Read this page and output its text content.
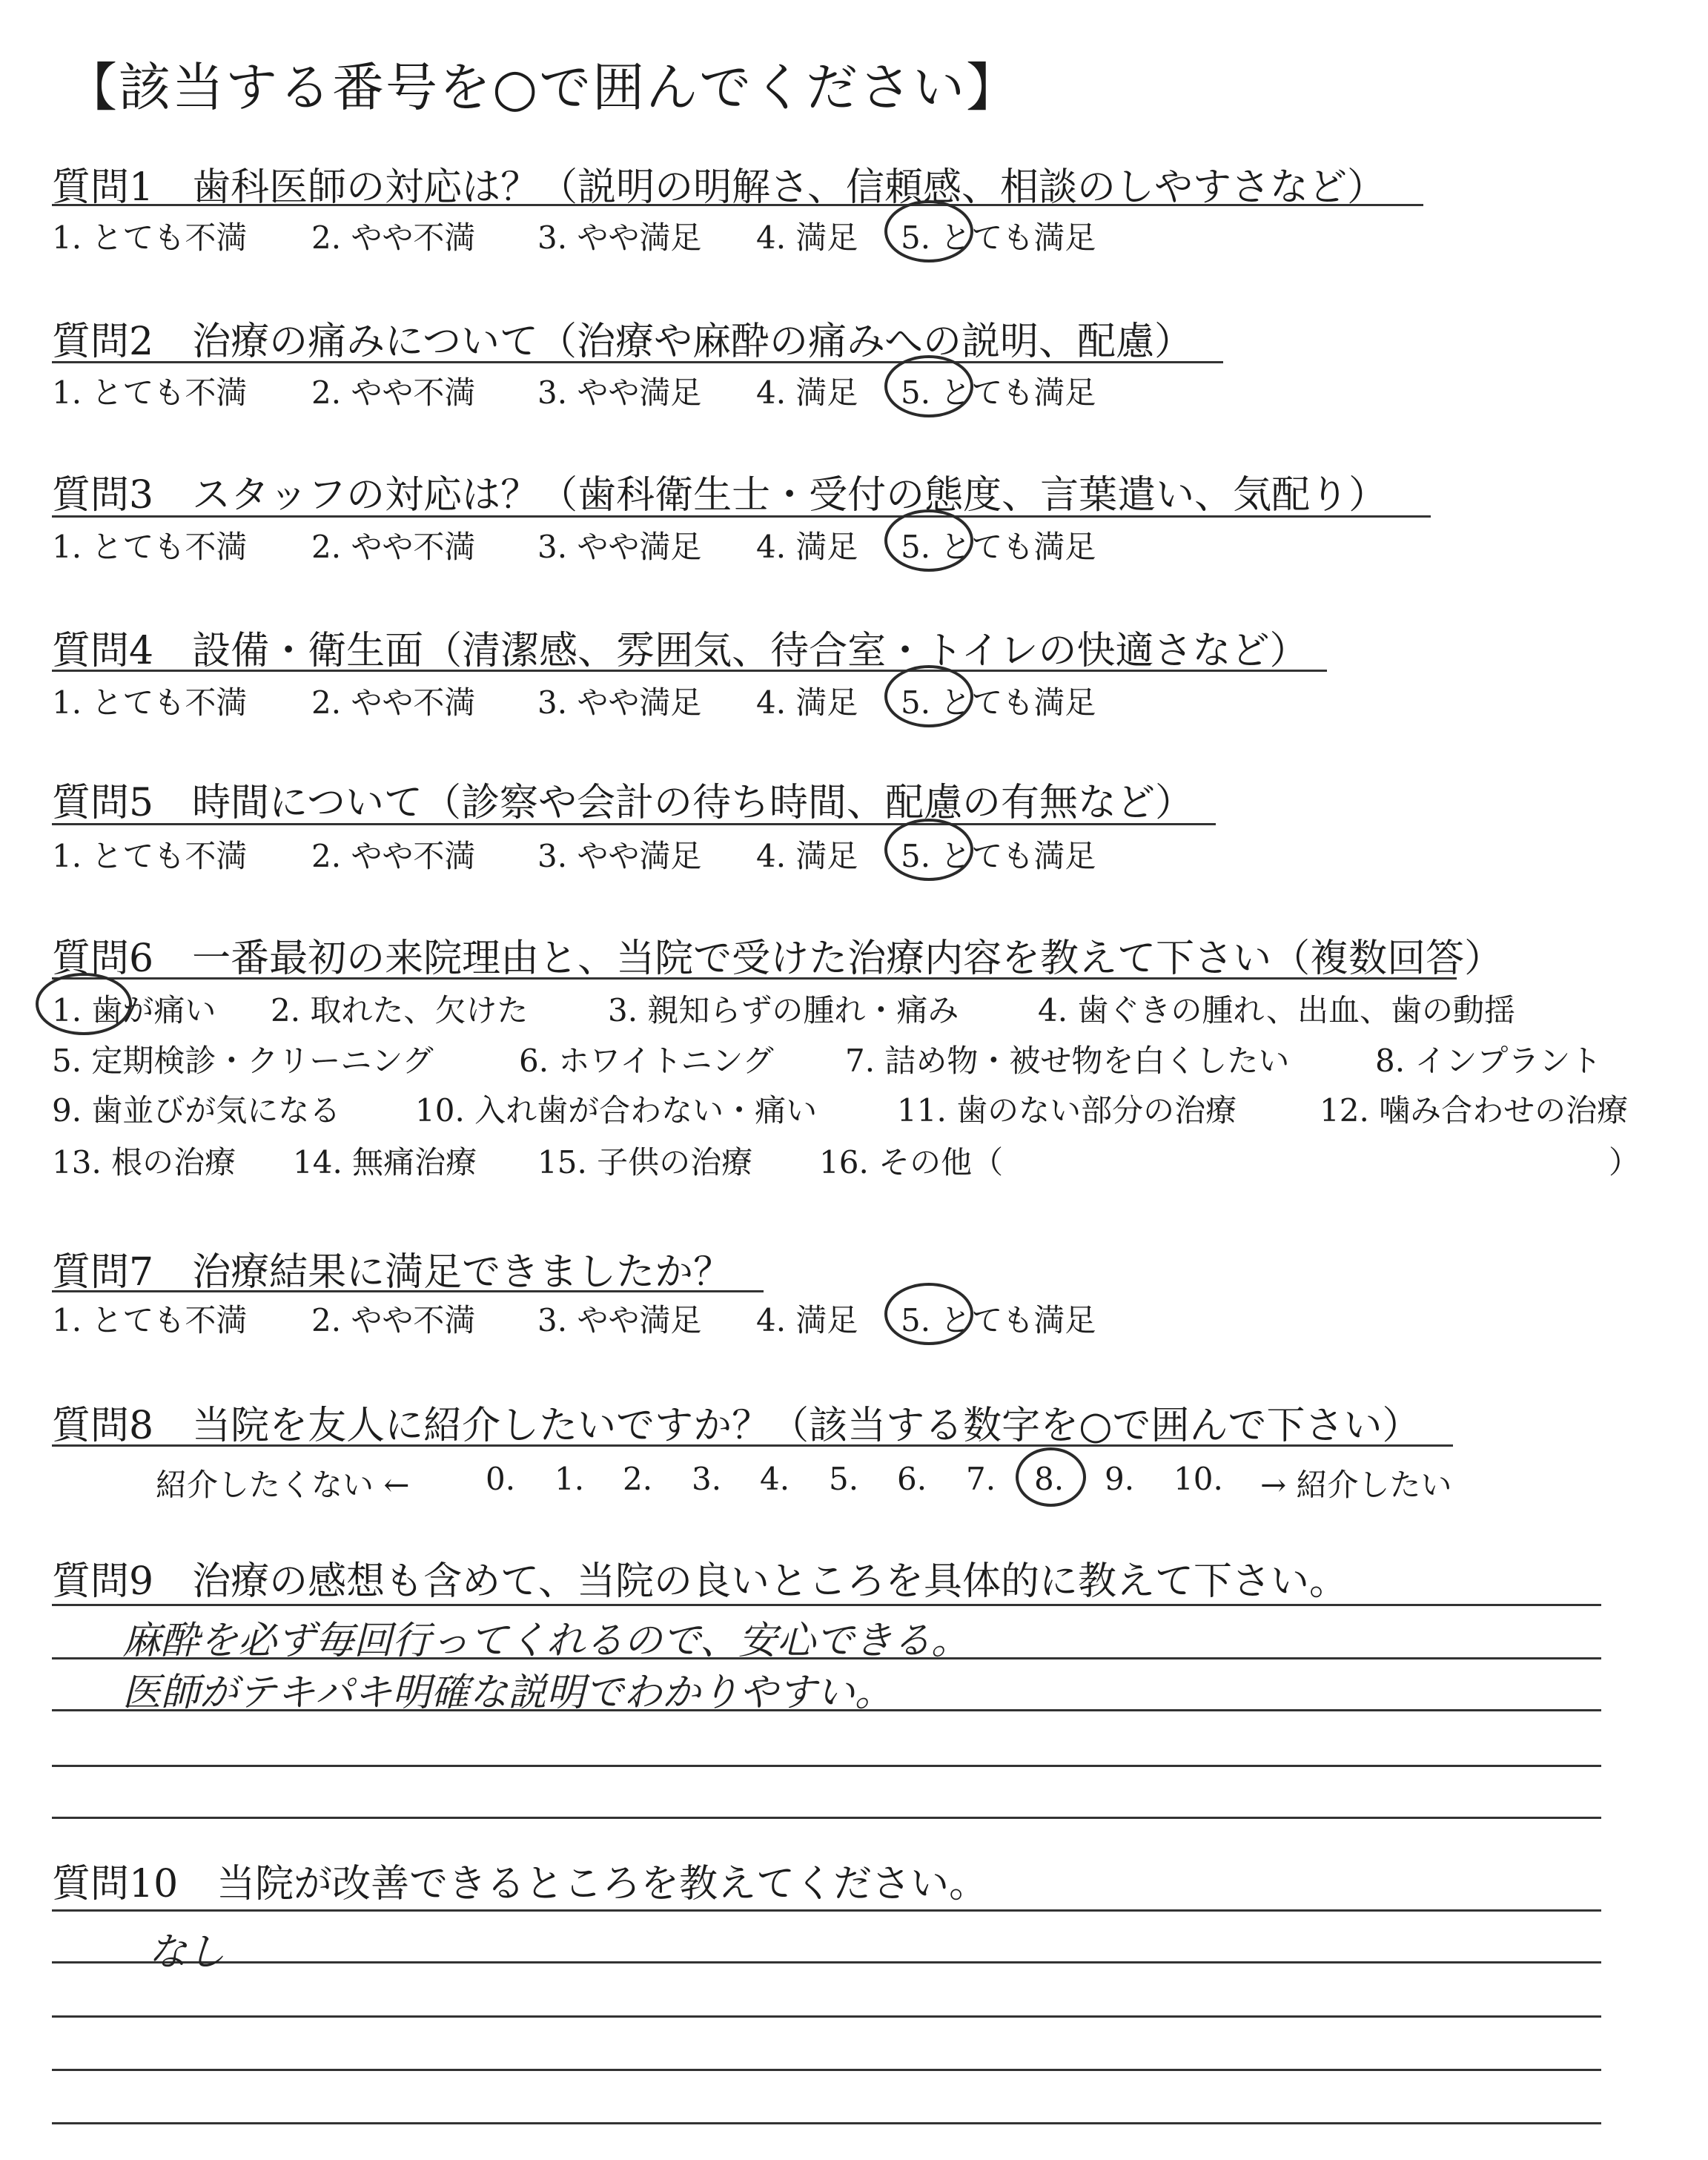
【該当する番号を○で囲んでください】
質問1　歯科医師の対応は？（説明の明解さ、信頼感、相談のしやすさなど）
質問2　治療の痛みについて（治療や麻酔の痛みへの説明、配慮）
質問3　スタッフの対応は？（歯科衛生士・受付の態度、言葉遣い、気配り）
質問4　設備・衛生面（清潔感、雰囲気、待合室・トイレの快適さなど）
質問5　時間について（診察や会計の待ち時間、配慮の有無など）
1. とても不満 2. やや不満 3. やや満足 4. 満足 5. とても満足
1. とても不満 2. やや不満 3. やや満足 4. 満足 5. とても満足
1. とても不満 2. やや不満 3. やや満足 4. 満足 5. とても満足
1. とても不満 2. やや不満 3. やや満足 4. 満足 5. とても満足
1. とても不満 2. やや不満 3. やや満足 4. 満足 5. とても満足
1. とても不満 2. やや不満 3. やや満足 4. 満足 5. とても満足
質問6　一番最初の来院理由と、当院で受けた治療内容を教えて下さい（複数回答）
1. 歯が痛い 2. 取れた、欠けた	3. 親知らずの腫れ・痛み	4. 歯ぐきの腫れ、出血、歯の動揺
5. 定期検診・クリーニング	6. ホワイトニング 7. 詰め物・被せ物を白くしたい	8. インプラント
9. 歯並びが気になる 10. 入れ歯が合わない・痛い	11. 歯のない部分の治療	12. 噛み合わせの治療
13. 根の治療 14. 無痛治療 15. 子供の治療 16. その他（	）
質問7　治療結果に満足できましたか？
質問8　当院を友人に紹介したいですか？（該当する数字を○で囲んで下さい）
紹介したくない ← 0. 1. 2. 3. 4. 5. 6. 7. 8. 9. 10. → 紹介したい
質問9　治療の感想も含めて、当院の良いところを具体的に教えて下さい。
麻酔を必ず毎回行ってくれるので、安心できる。
医師がテキパキ明確な説明でわかりやすい。
質問10　当院が改善できるところを教えてください。
なし
